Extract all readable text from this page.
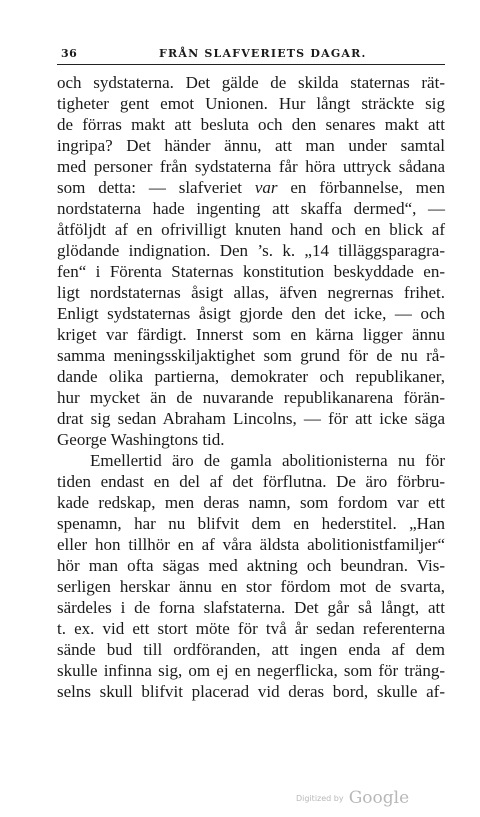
36	FRÅN SLAFVERIETS DAGAR.
och sydstaterna. Det gälde de skilda staternas rät-
tigheter gent emot Unionen. Hur långt sträckte sig
de förras makt att besluta och den senares makt att
ingripa? Det händer ännu, att man under samtal
med personer från sydstaterna får höra uttryck sådana
som detta: — slafveriet var en förbannelse, men
nordstaterna hade ingenting att skaffa dermed“, —
åtföljdt af en ofrivilligt knuten hand och en blick af
glödande indignation. Den ’s. k. „14 tilläggsparagra-
fen“ i Förenta Staternas konstitution beskyddade en-
ligt nordstaternas åsigt allas, äfven negrernas frihet.
Enligt sydstaternas åsigt gjorde den det icke, — och
kriget var färdigt. Innerst som en kärna ligger ännu
samma meningsskiljaktighet som grund för de nu rå-
dande olika partierna, demokrater och republikaner,
hur mycket än de nuvarande republikanarena förän-
drat sig sedan Abraham Lincolns, — för att icke säga
George Washingtons tid.
Emellertid äro de gamla abolitionisterna nu för
tiden endast en del af det förflutna. De äro förbru-
kade redskap, men deras namn, som fordom var ett
spenamn, har nu blifvit dem en hederstitel. „Han
eller hon tillhör en af våra äldsta abolitionistfamiljer“
hör man ofta sägas med aktning och beundran. Vis-
serligen herskar ännu en stor fördom mot de svarta,
särdeles i de forna slafstaterna. Det går så långt, att
t. ex. vid ett stort möte för två år sedan referenterna
sände bud till ordföranden, att ingen enda af dem
skulle infinna sig, om ej en negerflicka, som för träng-
selns skull blifvit placerad vid deras bord, skulle af-
Digitized by Google
